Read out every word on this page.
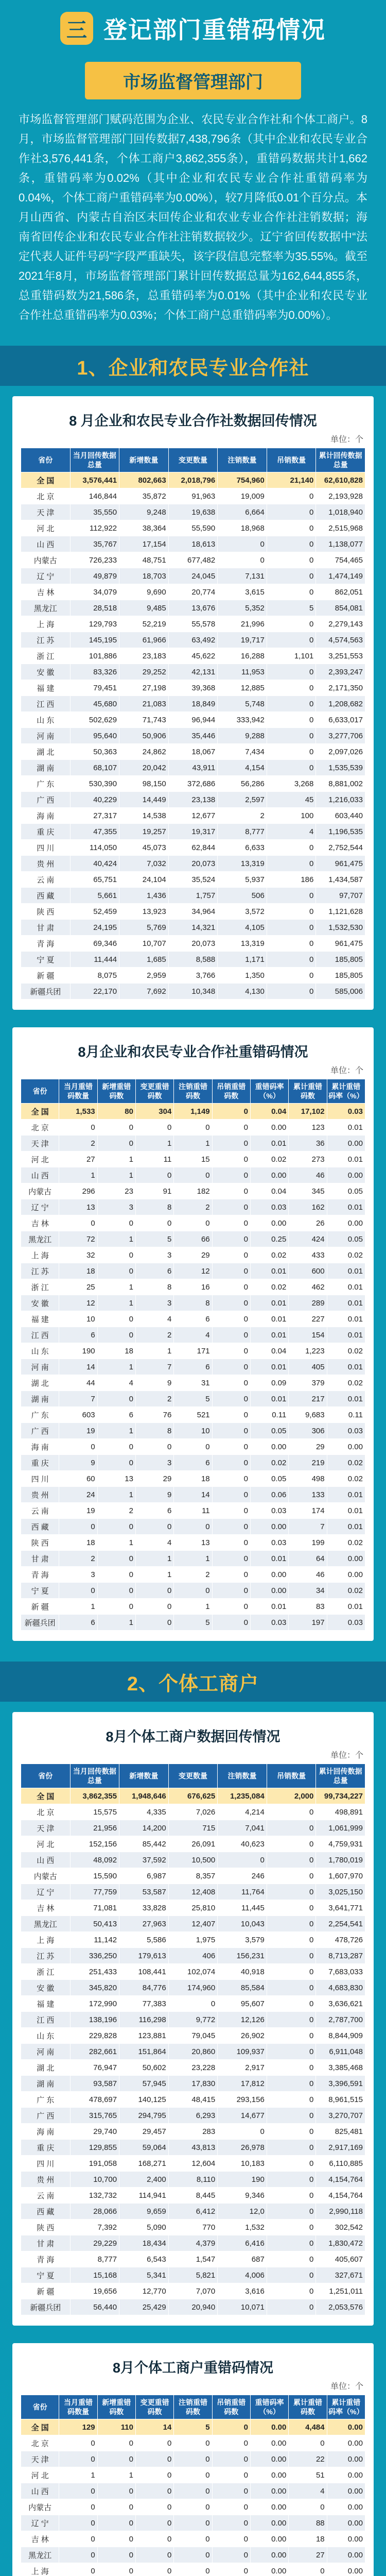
三 登记部门重错码情况
市场监督管理部门

市场监督管理部门赋码范围为企业、农民专业合作社和个体工商户。8月，市场监督管理部门回传数据7,438,796条（其中企业和农民专业合作社3,576,441条，个体工商户3,862,355条），重错码数据共计1,662条，重错码率为0.02%（其中企业和农民专业合作社重错码率为0.04%，个体工商户重错码率为0.00%），较7月降低0.01个百分点。本月山西省、内蒙古自治区未回传企业和农业专业合作社注销数据；海南省回传企业和农民专业合作社注销数据较少。辽宁省回传数据中“法定代表人证件号码”字段严重缺失，该字段信息完整率为35.55%。截至2021年8月，市场监督管理部门累计回传数据总量为162,644,855条，总重错码数为21,586条，总重错码率为0.01%（其中企业和农民专业合作社总重错码率为0.03%；个体工商户总重错码率为0.00%）。

1、企业和农民专业合作社
8 月企业和农民专业合作社数据回传情况
单位：个
省份	当月回传数据总量	新增数量	变更数量	注销数量	吊销数量	累计回传数据总量
全 国	3,576,441	802,663	2,018,796	754,960	21,140	62,610,828
北 京	146,844	35,872	91,963	19,009	0	2,193,928
天 津	35,550	9,248	19,638	6,664	0	1,018,940
河 北	112,922	38,364	55,590	18,968	0	2,515,968
山 西	35,767	17,154	18,613	0	0	1,138,077
内蒙古	726,233	48,751	677,482	0	0	754,465
辽 宁	49,879	18,703	24,045	7,131	0	1,474,149
吉 林	34,079	9,690	20,774	3,615	0	862,051
黑龙江	28,518	9,485	13,676	5,352	5	854,081
上 海	129,793	52,219	55,578	21,996	0	2,279,143
江 苏	145,195	61,966	63,492	19,717	0	4,574,563
浙 江	101,886	23,183	45,622	16,288	1,101	3,251,553
安 徽	83,326	29,252	42,131	11,953	0	2,393,247
福 建	79,451	27,198	39,368	12,885	0	2,171,350
江 西	45,680	21,083	18,849	5,748	0	1,208,682
山 东	502,629	71,743	96,944	333,942	0	6,633,017
河 南	95,640	50,906	35,446	9,288	0	3,277,706
湖 北	50,363	24,862	18,067	7,434	0	2,097,026
湖 南	68,107	20,042	43,911	4,154	0	1,535,539
广 东	530,390	98,150	372,686	56,286	3,268	8,881,002
广 西	40,229	14,449	23,138	2,597	45	1,216,033
海 南	27,317	14,538	12,677	2	100	603,440
重 庆	47,355	19,257	19,317	8,777	4	1,196,535
四 川	114,050	45,073	62,844	6,633	0	2,752,544
贵 州	40,424	7,032	20,073	13,319	0	961,475
云 南	65,751	24,104	35,524	5,937	186	1,434,587
西 藏	5,661	1,436	1,757	506	0	97,707
陕 西	52,459	13,923	34,964	3,572	0	1,121,628
甘 肃	24,195	5,769	14,321	4,105	0	1,532,530
青 海	69,346	10,707	20,073	13,319	0	961,475
宁 夏	11,444	1,685	8,588	1,171	0	185,805
新 疆	8,075	2,959	3,766	1,350	0	185,805
新疆兵团	22,170	7,692	10,348	4,130	0	585,006
8月企业和农民专业合作社重错码情况
单位：个
省份	当月重错码数量	新增重错码数	变更重错码数	注销重错码数	吊销重错码数	重错码率（%）	累计重错码数	累计重错码率（%）
全 国	1,533	80	304	1,149	0	0.04	17,102	0.03
北 京	0	0	0	0	0	0.00	123	0.01
天 津	2	0	1	1	0	0.01	36	0.00
河 北	27	1	11	15	0	0.02	273	0.01
山 西	1	1	0	0	0	0.00	46	0.00
内蒙古	296	23	91	182	0	0.04	345	0.05
辽 宁	13	3	8	2	0	0.03	162	0.01
吉 林	0	0	0	0	0	0.00	26	0.00
黑龙江	72	1	5	66	0	0.25	424	0.05
上 海	32	0	3	29	0	0.02	433	0.02
江 苏	18	0	6	12	0	0.01	600	0.01
浙 江	25	1	8	16	0	0.02	462	0.01
安 徽	12	1	3	8	0	0.01	289	0.01
福 建	10	0	4	6	0	0.01	227	0.01
江 西	6	0	2	4	0	0.01	154	0.01
山 东	190	18	1	171	0	0.04	1,223	0.02
河 南	14	1	7	6	0	0.01	405	0.01
湖 北	44	4	9	31	0	0.09	379	0.02
湖 南	7	0	2	5	0	0.01	217	0.01
广 东	603	6	76	521	0	0.11	9,683	0.11
广 西	19	1	8	10	0	0.05	306	0.03
海 南	0	0	0	0	0	0.00	29	0.00
重 庆	9	0	3	6	0	0.02	219	0.02
四 川	60	13	29	18	0	0.05	498	0.02
贵 州	24	1	9	14	0	0.06	133	0.01
云 南	19	2	6	11	0	0.03	174	0.01
西 藏	0	0	0	0	0	0.00	7	0.01
陕 西	18	1	4	13	0	0.03	199	0.02
甘 肃	2	0	1	1	0	0.01	64	0.00
青 海	3	0	1	2	0	0.00	46	0.00
宁 夏	0	0	0	0	0	0.00	34	0.02
新 疆	1	0	0	1	0	0.01	83	0.01
新疆兵团	6	1	0	5	0	0.03	197	0.03
2、个体工商户
8月个体工商户数据回传情况
单位：个
省份	当月回传数据总量	新增数量	变更数量	注销数量	吊销数量	累计回传数据总量
全 国	3,862,355	1,948,646	676,625	1,235,084	2,000	99,734,227
北 京	15,575	4,335	7,026	4,214	0	498,891
天 津	21,956	14,200	715	7,041	0	1,061,999
河 北	152,156	85,442	26,091	40,623	0	4,759,931
山 西	48,092	37,592	10,500	0	0	1,780,019
内蒙古	15,590	6,987	8,357	246	0	1,607,970
辽 宁	77,759	53,587	12,408	11,764	0	3,025,150
吉 林	71,081	33,828	25,810	11,445	0	3,641,771
黑龙江	50,413	27,963	12,407	10,043	0	2,254,541
上 海	11,142	5,586	1,975	3,579	0	478,726
江 苏	336,250	179,613	406	156,231	0	8,713,287
浙 江	251,433	108,441	102,074	40,918	0	7,683,033
安 徽	345,820	84,776	174,960	85,584	0	4,683,830
福 建	172,990	77,383	0	95,607	0	3,636,621
江 西	138,196	116,298	9,772	12,126	0	2,787,700
山 东	229,828	123,881	79,045	26,902	0	8,844,909
河 南	282,661	151,864	20,860	109,937	0	6,911,048
湖 北	76,947	50,602	23,228	2,917	0	3,385,468
湖 南	93,587	57,945	17,830	17,812	0	3,396,591
广 东	478,697	140,125	48,415	293,156	0	8,961,515
广 西	315,765	294,795	6,293	14,677	0	3,270,707
海 南	29,740	29,457	283	0	0	825,481
重 庆	129,855	59,064	43,813	26,978	0	2,917,169
四 川	191,058	168,271	12,604	10,183	0	6,110,885
贵 州	10,700	2,400	8,110	190	0	4,154,764
云 南	132,732	114,941	8,445	9,346	0	4,154,764
西 藏	28,066	9,659	6,412	12,0	0	2,990,118
陕 西	7,392	5,090	770	1,532	0	302,542
甘 肃	29,229	18,434	4,379	6,416	0	1,830,472
青 海	8,777	6,543	1,547	687	0	405,607
宁 夏	15,168	5,341	5,821	4,006	0	327,671
新 疆	19,656	12,770	7,070	3,616	0	1,251,011
新疆兵团	56,440	25,429	20,940	10,071	0	2,053,576
8月个体工商户重错码情况
单位：个
省份	当月重错码数量	新增重错码数	变更重错码数	注销重错码数	吊销重错码数	重错码率（%）	累计重错码数	累计重错码率（%）
全 国	129	110	14	5	0	0.00	4,484	0.00
北 京	0	0	0	0	0	0.00	0	0.00
天 津	0	0	0	0	0	0.00	22	0.00
河 北	1	1	0	0	0	0.00	51	0.00
山 西	0	0	0	0	0	0.00	4	0.00
内蒙古	0	0	0	0	0	0.00	0	0.00
辽 宁	0	0	0	0	0	0.00	88	0.00
吉 林	0	0	0	0	0	0.00	18	0.00
黑龙江	0	0	0	0	0	0.00	27	0.00
上 海	0	0	0	0	0	0.00	0	0.00
